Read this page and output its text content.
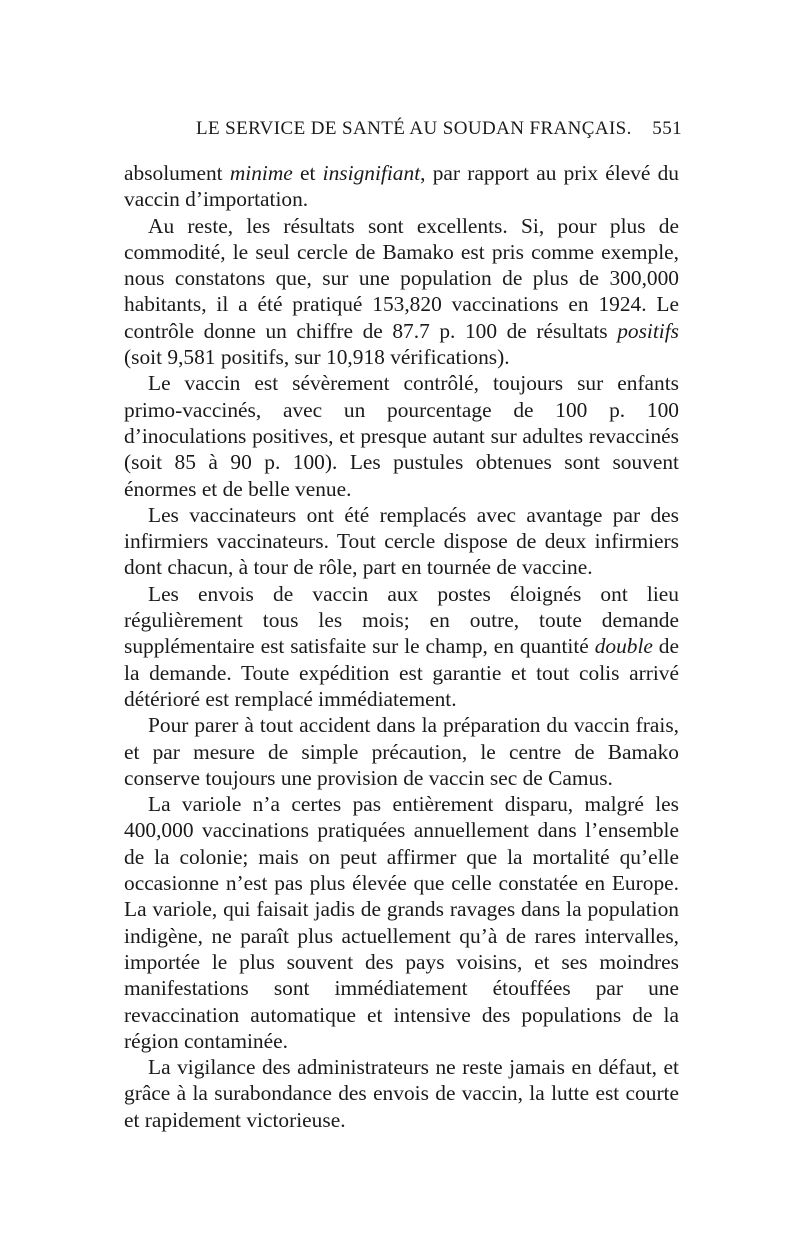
LE SERVICE DE SANTÉ AU SOUDAN FRANÇAIS. 551

absolument minime et insignifiant, par rapport au prix élevé du vaccin d’importation.

Au reste, les résultats sont excellents. Si, pour plus de commodité, le seul cercle de Bamako est pris comme exemple, nous constatons que, sur une population de plus de 300,000 habitants, il a été pratiqué 153,820 vaccinations en 1924. Le contrôle donne un chiffre de 87.7 p. 100 de résultats positifs (soit 9,581 positifs, sur 10,918 vérifications).

Le vaccin est sévèrement contrôlé, toujours sur enfants primo-vaccinés, avec un pourcentage de 100 p. 100 d’inoculations positives, et presque autant sur adultes revaccinés (soit 85 à 90 p. 100). Les pustules obtenues sont souvent énormes et de belle venue.

Les vaccinateurs ont été remplacés avec avantage par des infirmiers vaccinateurs. Tout cercle dispose de deux infirmiers dont chacun, à tour de rôle, part en tournée de vaccine.

Les envois de vaccin aux postes éloignés ont lieu régulièrement tous les mois; en outre, toute demande supplémentaire est satisfaite sur le champ, en quantité double de la demande. Toute expédition est garantie et tout colis arrivé détérioré est remplacé immédiatement.

Pour parer à tout accident dans la préparation du vaccin frais, et par mesure de simple précaution, le centre de Bamako conserve toujours une provision de vaccin sec de Camus.

La variole n’a certes pas entièrement disparu, malgré les 400,000 vaccinations pratiquées annuellement dans l’ensemble de la colonie; mais on peut affirmer que la mortalité qu’elle occasionne n’est pas plus élevée que celle constatée en Europe. La variole, qui faisait jadis de grands ravages dans la population indigène, ne paraît plus actuellement qu’à de rares intervalles, importée le plus souvent des pays voisins, et ses moindres manifestations sont immédiatement étouffées par une revaccination automatique et intensive des populations de la région contaminée.

La vigilance des administrateurs ne reste jamais en défaut, et grâce à la surabondance des envois de vaccin, la lutte est courte et rapidement victorieuse.
